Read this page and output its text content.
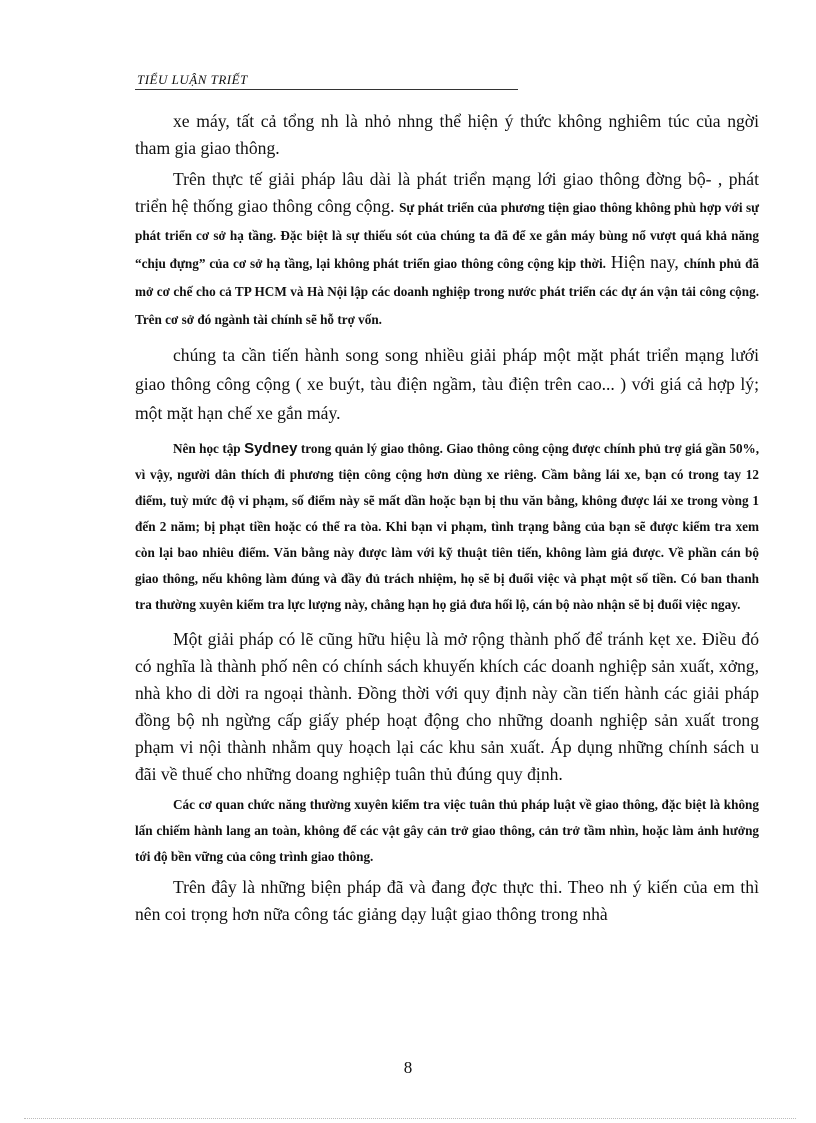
TIỂU LUẬN TRIẾT

xe máy, tất cả tổng nh là nhỏ nhng thể hiện ý thức không nghiêm túc của ngời tham gia giao thông.

Trên thực tế giải pháp lâu dài là phát triển mạng lới giao thông đờng bộ- , phát triển hệ thống giao thông công cộng. Sự phát triển của phương tiện giao thông không phù hợp với sự phát triển cơ sở hạ tầng. Đặc biệt là sự thiếu sót của chúng ta đã để xe gắn máy bùng nổ vượt quá khả năng “chịu đựng” của cơ sở hạ tầng, lại không phát triển giao thông công cộng kịp thời. Hiện nay, chính phủ đã mở cơ chế cho cả TP HCM và Hà Nội lập các doanh nghiệp trong nước phát triển các dự án vận tải công cộng. Trên cơ sở đó ngành tài chính sẽ hỗ trợ vốn.

chúng ta cần tiến hành song song nhiều giải pháp một mặt phát triển mạng lưới giao thông công cộng ( xe buýt, tàu điện ngầm, tàu điện trên cao... ) với giá cả hợp lý; một mặt hạn chế xe gắn máy.

Nên học tập Sydney trong quản lý giao thông. Giao thông công cộng được chính phủ trợ giá gần 50%, vì vậy, người dân thích đi phương tiện công cộng hơn dùng xe riêng. Cầm bằng lái xe, bạn có trong tay 12 điểm, tuỳ mức độ vi phạm, số điểm này sẽ mất dần hoặc bạn bị thu văn bằng, không được lái xe trong vòng 1 đến 2 năm; bị phạt tiền hoặc có thể ra tòa. Khi bạn vi phạm, tình trạng bằng của bạn sẽ được kiểm tra xem còn lại bao nhiêu điểm. Văn bằng này được làm với kỹ thuật tiên tiến, không làm giả được. Về phần cán bộ giao thông, nếu không làm đúng và đầy đủ trách nhiệm, họ sẽ bị đuổi việc và phạt một số tiền. Có ban thanh tra thường xuyên kiểm tra lực lượng này, chẳng hạn họ giả đưa hối lộ, cán bộ nào nhận sẽ bị đuổi việc ngay.

Một giải pháp có lẽ cũng hữu hiệu là mở rộng thành phố để tránh kẹt xe. Điều đó có nghĩa là thành phố nên có chính sách khuyến khích các doanh nghiệp sản xuất, xởng, nhà kho di dời ra ngoại thành. Đồng thời với quy định này cần tiến hành các giải pháp đồng bộ nh ngừng cấp giấy phép hoạt động cho những doanh nghiệp sản xuất trong phạm vi nội thành nhằm quy hoạch lại các khu sản xuất. Áp dụng những chính sách u đãi về thuế cho những doang nghiệp tuân thủ đúng quy định.

Các cơ quan chức năng thường xuyên kiểm tra việc tuân thủ pháp luật về giao thông, đặc biệt là không lấn chiếm hành lang an toàn, không để các vật gây cản trở giao thông, cản trở tầm nhìn, hoặc làm ảnh hưởng tới độ bền vững của công trình giao thông.

Trên đây là những biện pháp đã và đang đợc thực thi. Theo nh ý kiến của em thì nên coi trọng hơn nữa công tác giảng dạy luật giao thông trong nhà

8
